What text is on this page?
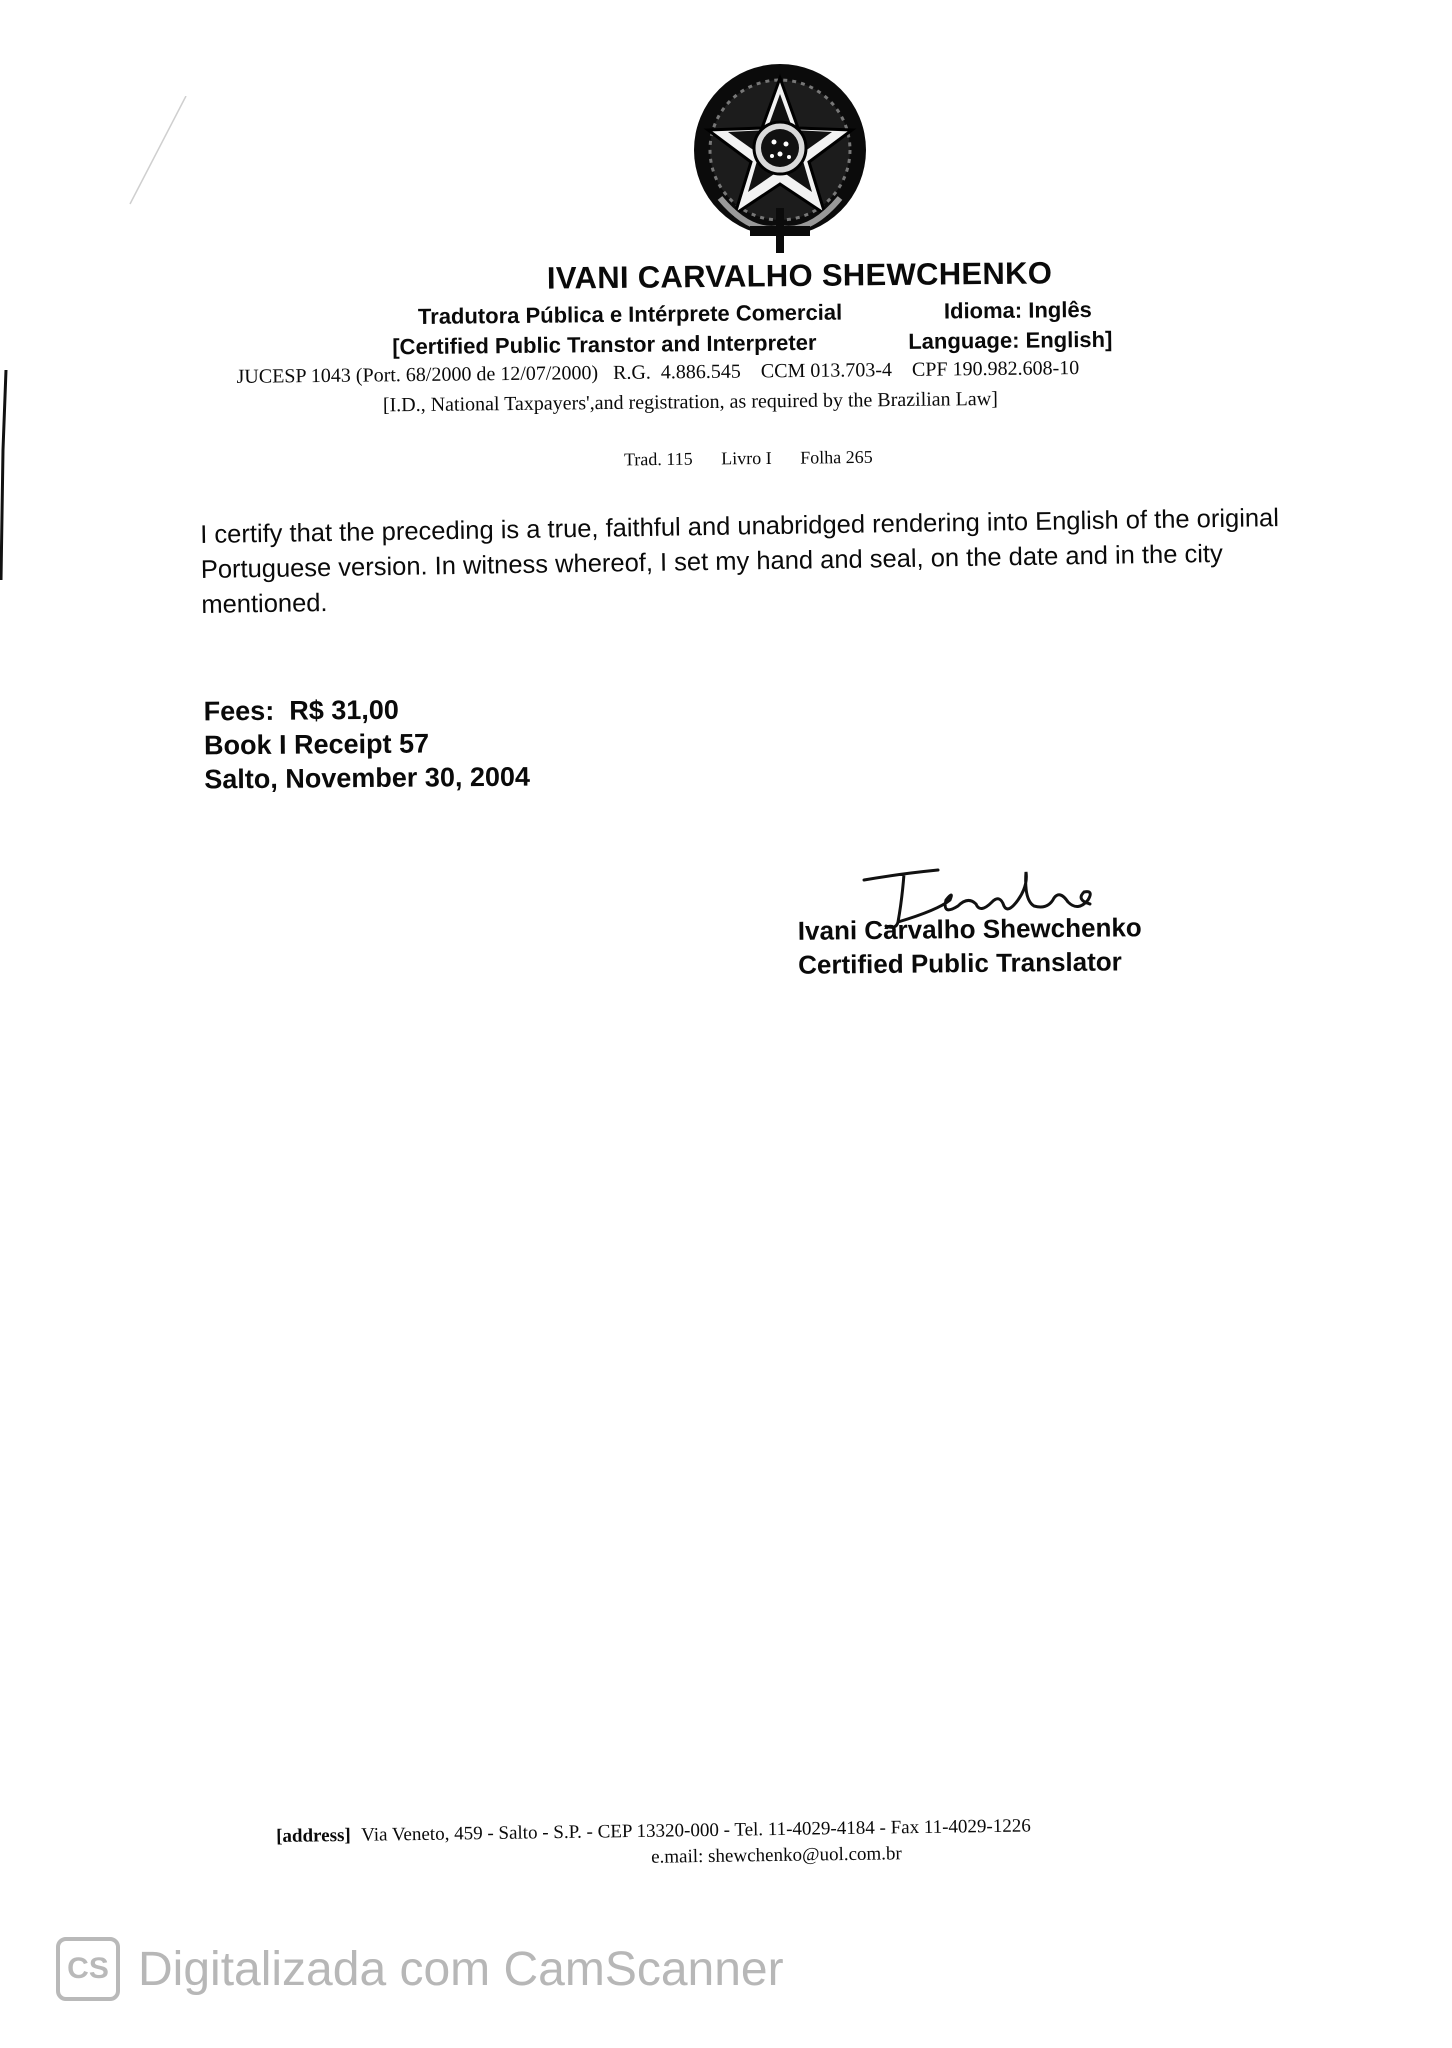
IVANI CARVALHO SHEWCHENKO
Tradutora Pública e Intérprete Comercial	Idioma: Inglês
[Certified Public Transtor and Interpreter	Language: English]
JUCESP 1043 (Port. 68/2000 de 12/07/2000)   R.G.  4.886.545    CCM 013.703-4    CPF 190.982.608-10
[I.D., National Taxpayers',and registration, as required by the Brazilian Law]
Trad. 115 Livro I Folha 265
I certify that the preceding is a true, faithful and unabridged rendering into English of the original Portuguese version. In witness whereof, I set my hand and seal, on the date and in the city mentioned.
Fees:  R$ 31,00
Book I Receipt 57
Salto, November 30, 2004
Ivani Carvalho Shewchenko
Certified Public Translator
[address] Via Veneto, 459 - Salto - S.P. - CEP 13320-000 - Tel. 11-4029-4184 - Fax 11-4029-1226
e.mail: shewchenko@uol.com.br
CS Digitalizada com CamScanner
